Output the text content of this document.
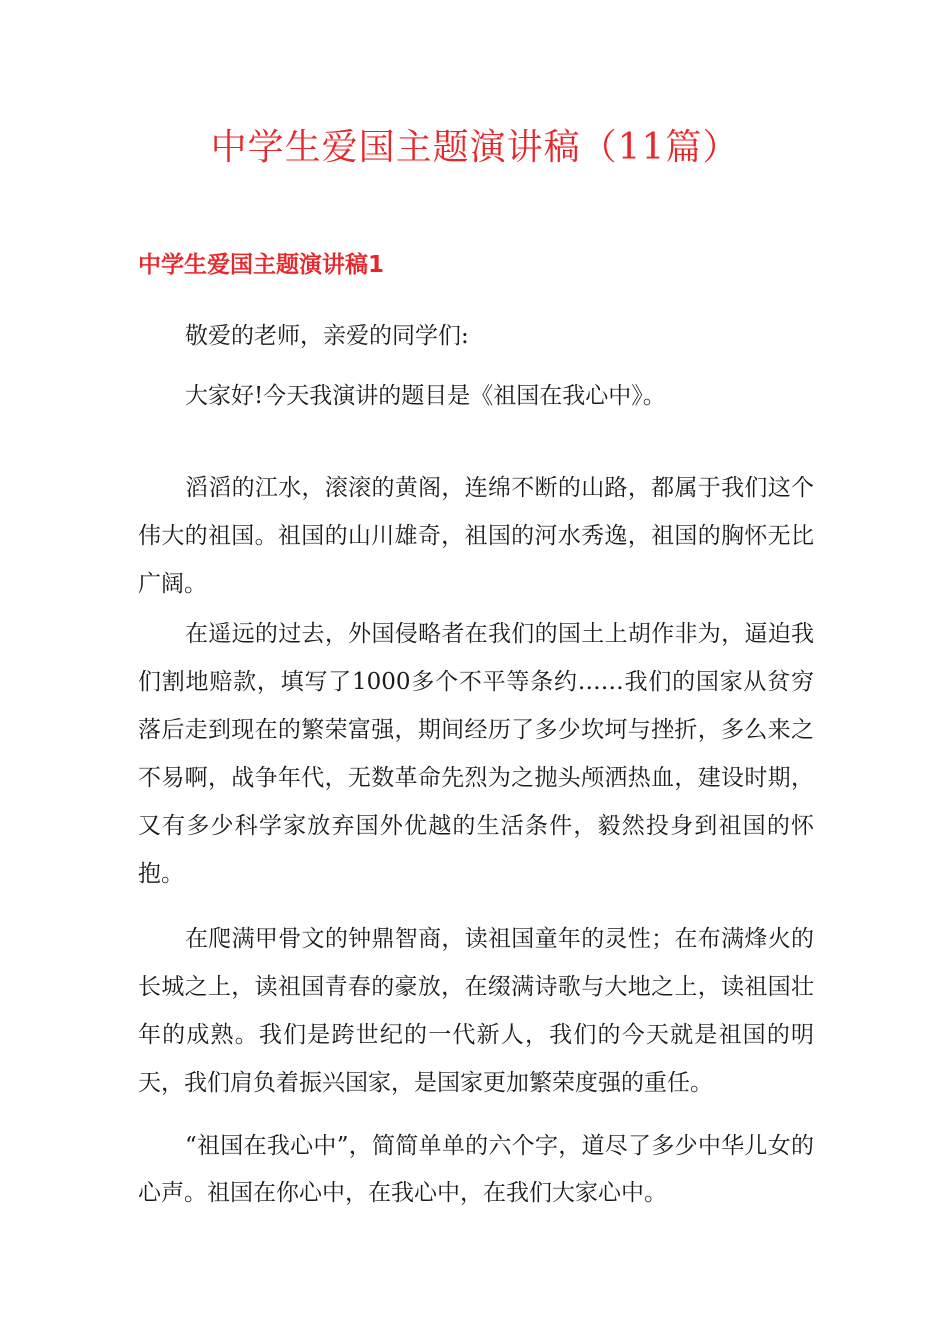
中学生爱国主题演讲稿（11篇）
中学生爱国主题演讲稿1

敬爱的老师，亲爱的同学们:

大家好!今天我演讲的题目是《祖国在我心中》。

滔滔的江水，滚滚的黄阁，连绵不断的山路，都属于我们这个伟大的祖国。祖国的山川雄奇，祖国的河水秀逸，祖国的胸怀无比广阔。

在遥远的过去，外国侵略者在我们的国土上胡作非为，逼迫我们割地赔款，填写了1000多个不平等条约……我们的国家从贫穷落后走到现在的繁荣富强，期间经历了多少坎坷与挫折，多么来之不易啊，战争年代，无数革命先烈为之抛头颅洒热血，建设时期，又有多少科学家放弃国外优越的生活条件，毅然投身到祖国的怀抱。

在爬满甲骨文的钟鼎智商，读祖国童年的灵性；在布满烽火的长城之上，读祖国青春的豪放，在缀满诗歌与大地之上，读祖国壮年的成熟。我们是跨世纪的一代新人，我们的今天就是祖国的明天，我们肩负着振兴国家，是国家更加繁荣度强的重任。

“祖国在我心中”，简简单单的六个字，道尽了多少中华儿女的心声。祖国在你心中，在我心中，在我们大家心中。
